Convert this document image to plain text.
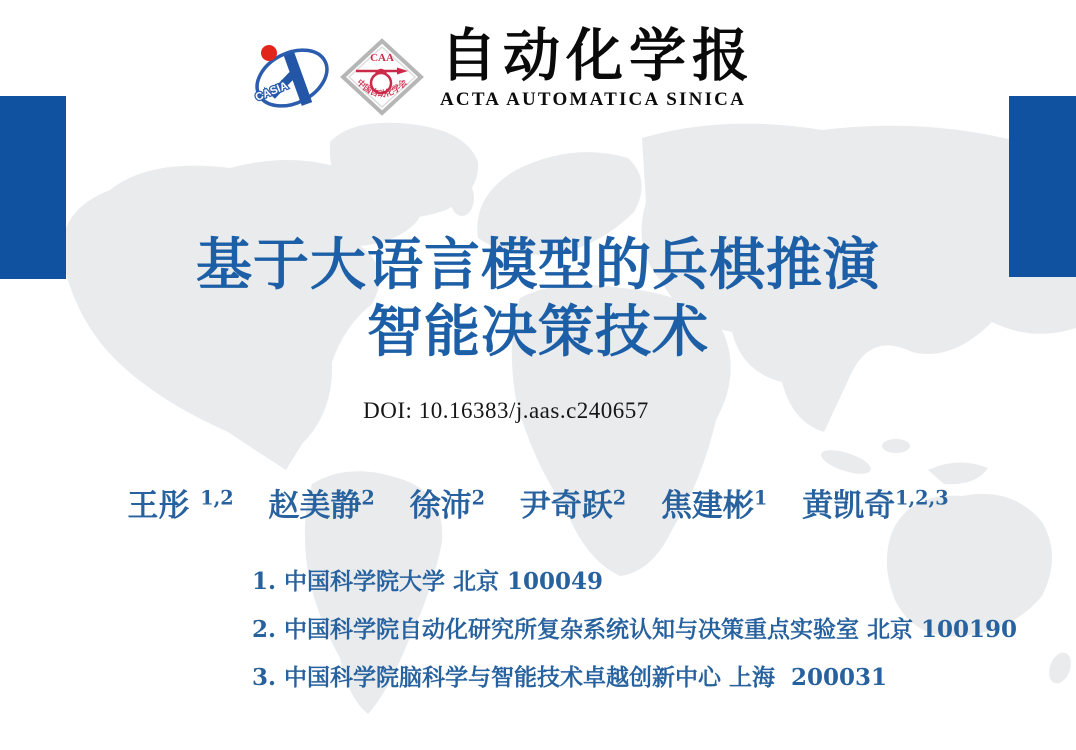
CASIA
CAA
中国自动化学会 自动化学报
ACTA AUTOMATICA SINICA
基于大语言模型的兵棋推演
智能决策技术
DOI: 10.16383/j.aas.c240657
王彤 $^{1,2}$ 赵美静$^2$ 徐沛$^2$ 尹奇跃$^2$ 焦建彬$^1$ 黄凯奇$^{1,2,3}$

1. 中国科学院大学 北京 100049

2. 中国科学院自动化研究所复杂系统认知与决策重点实验室 北京 100190

3. 中国科学院脑科学与智能技术卓越创新中心 上海  200031
